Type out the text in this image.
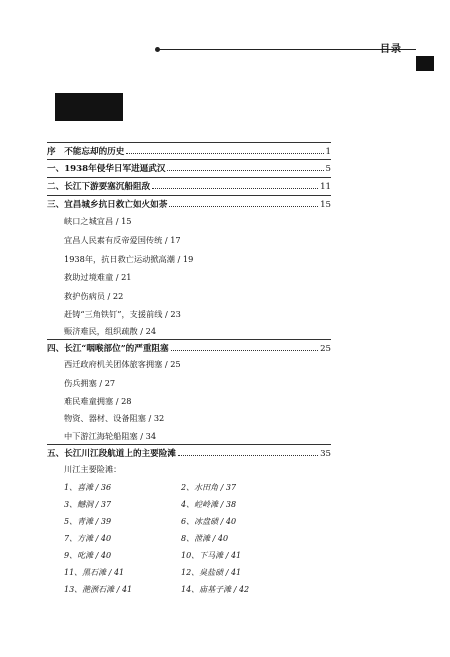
目录
序　不能忘却的历史	1
一、1938年侵华日军进逼武汉	5
二、长江下游要塞沉船阻敌	11
三、宜昌城乡抗日救亡如火如荼	15
峡口之城宜昌 / 15
宜昌人民素有反帝爱国传统 / 17
1938年，抗日救亡运动掀高潮 / 19
救助过境难童 / 21
救护伤病员 / 22
赶铸“三角铁钉”，支援前线 / 23
赈济难民，组织疏散 / 24
四、长江“咽喉部位”的严重阻塞	25
西迁政府机关团体旅客拥塞 / 25
伤兵拥塞 / 27
难民难童拥塞 / 28
物资、器材、设备阻塞 / 32
中下游江海轮船阻塞 / 34
五、长江川江段航道上的主要险滩	35
川江主要险滩：
1、喜滩 / 36	2、水田角 / 37
3、鳡洞 / 37	4、崆岭滩 / 38
5、青滩 / 39	6、冰盘碛 / 40
7、方滩 / 40	8、泄滩 / 40
9、叱滩 / 40	10、下马滩 / 41
11、黑石滩 / 41	12、臭盐碛 / 41
13、滟滪石滩 / 41	14、庙基子滩 / 42
